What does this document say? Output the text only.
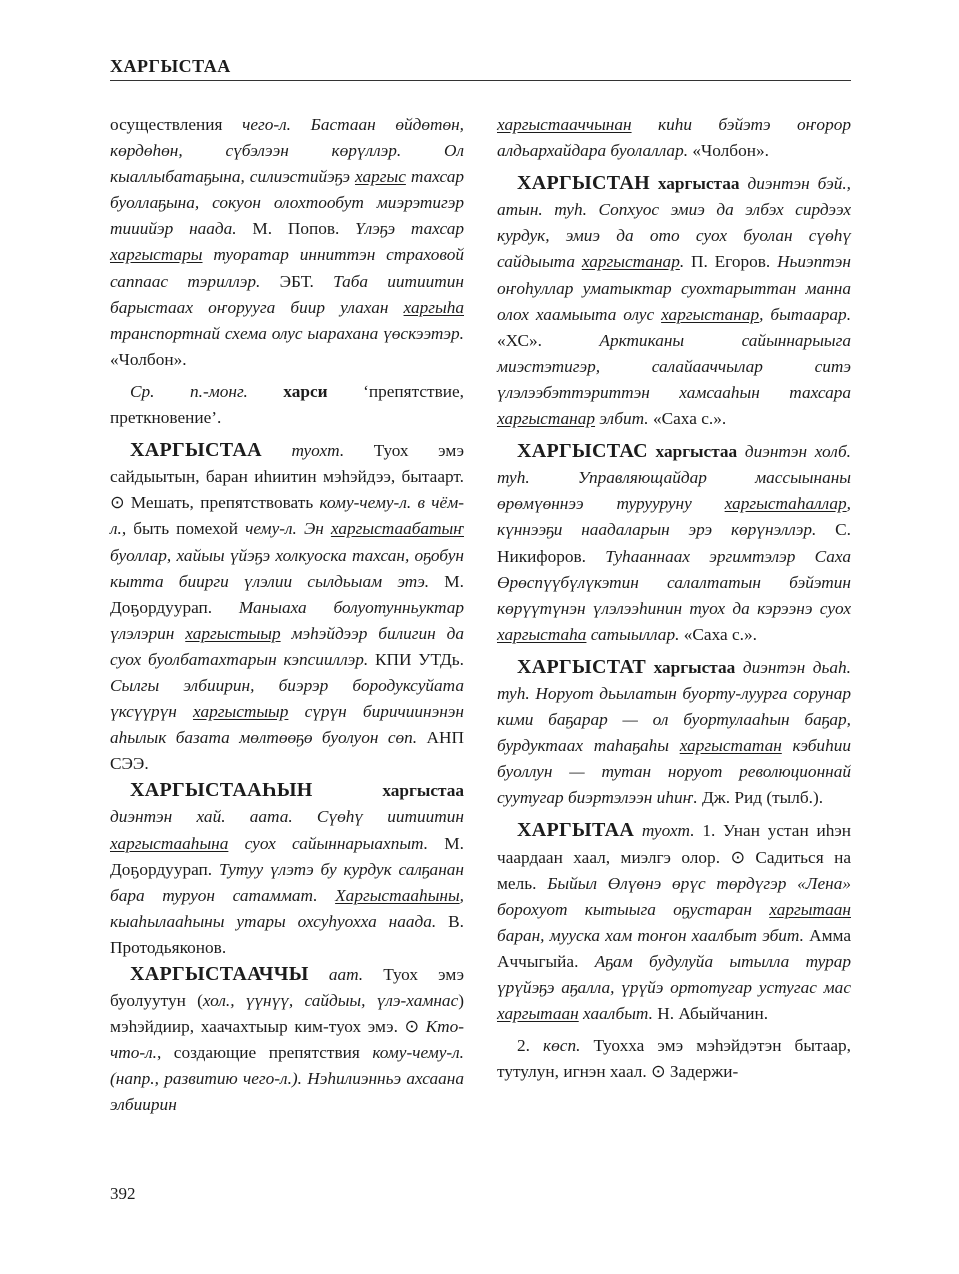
ХАРГЫСТАА

осуществления чего-л. Бастаан өйдөтөн, көрдөһөн, сүбэлээн көрүллэр. Ол кыаллыбатаҕына, силиэстийэҕэ харгыс тахсар буоллаҕына, сокуон олохтообут миэрэтигэр тииийэр наада. М. Попов. Үлэҕэ тахсар харгыстары туоратар инниттэн страховой саппаас тэриллэр. ЭБТ. Таба иитиитин барыстаах оҥоруугa биир улахан харгыһа транспортнай схема олус ыарахана үөскээтэр. «Чолбон».

Ср. п.-монг. харси ‘препятствие, преткновение’.

ХАРГЫСТАА туохт. Туох эмэ сайдыытын, баран иһиитин мэһэйдээ, бытаарт. ⊙ Мешать, препятствовать кому-чему-л. в чём-л., быть помехой чему-л. Эн харгыстаабатыҥ буоллар, хайыы үйэҕэ холкуоска тахсан, оҕобун кытта биирги үлэлии сылдьыам этэ. М. Доҕордуурап. Маныаха болуотунньуктар үлэлэрин харгыстыыр мэһэйдээр билигин да суох буолбатахтарын кэпсииллэр. КПИ УТДь. Сылгы элбиирин, биэрэр бородуксуйата үксүүрүн харгыстыыр сүрүн биричиинэнэн аһылык базата мөлтөөҕө буолуон сөп. АНП СЭЭ.

ХАРГЫСТААҺЫН	харгыстаа диэнтэн хай. аата. Сүөһү иитиитин харгыстааһына суох сайыннарыахпыт. М. Доҕордуурап. Тутуу үлэтэ бу курдук салҕанан бара туруон сатаммат. Харгыстааһыны, кыаһылааһыны утары охсуһуохха наада. В. Протодьяконов.

ХАРГЫСТААЧЧЫ аат. Туох эмэ буолуутун (хол., үүнүү, сайдыы, үлэ-хамнас) мэһэйдиир, хаачахтыыр ким-туох эмэ. ⊙ Кто-что-л., создающие препятствия кому-чему-л. (напр., развитию чего-л.). Нэһилиэнньэ ахсаана элбиирин

харгыстааччынан киһи бэйэтэ оҥорор алдьархайдара буолаллар. «Чолбон».

ХАРГЫСТАН харгыстаа диэнтэн бэй., атын. туһ. Сопхуос эмиэ да элбэх сирдээх курдук, эмиэ да ото суох буолан сүөһү сайдыыта харгыстанар. П. Егоров. Ньиэптэн оҥоһуллар уматыктар суохтарыттан манна олох хаамыыта олус харгыстанар, бытаарар. «ХС». Арктиканы сайыннарыыга миэстэтигэр, салайааччылар ситэ үлэлээбэттэриттэн хамсааһын тахсара харгыстанар элбит. «Саха с.».

ХАРГЫСТАС харгыстаа диэнтэн холб. туһ. Управляющайдар массыынаны өрөмүөннээ турууруну харгыстаһаллар, күннээҕи наадаларын эрэ көрүнэллэр. С. Никифоров. Туһааннаах эргимтэлэр Саха Өрөспүүбүлүкэтин салалтатын бэйэтин көрүүтүнэн үлэлээһинин туох да кэрээнэ суох харгыстаһа сатыыллар. «Саха с.».

ХАРГЫСТАТ харгыстаа диэнтэн дьаһ. туһ. Норуот дьылатын буорту-луурга сорунар кими баҕарар — ол буортулааһын баҕар, бурдуктаах таһаҕаһы харгыстатан кэбиһии буоллун — тутан норуот революционнай суутугар биэртэлээн иһиҥ. Дж. Рид (тылб.).

ХАРГЫТАА туохт. 1. Унан устан иһэн чаардаан хаал, миэлгэ олор. ⊙ Садиться на мель. Быйыл Өлүөнэ өрүс төрдүгэр «Лена» борохуот кытыыга оҕустаран харгытаан баран, мууска хам тоҥон хаалбыт эбит. Амма Аччыгыйа. Аҕам будулуйа ытылла турар үрүйэҕэ аҕалла, үрүйэ ортотугар устугас мас харгытаан хаалбыт. Н. Абыйчанин.

2. көсп. Туохха эмэ мэһэйдэтэн бытаар, тутулун, игнэн хаал. ⊙ Задержи-

392
